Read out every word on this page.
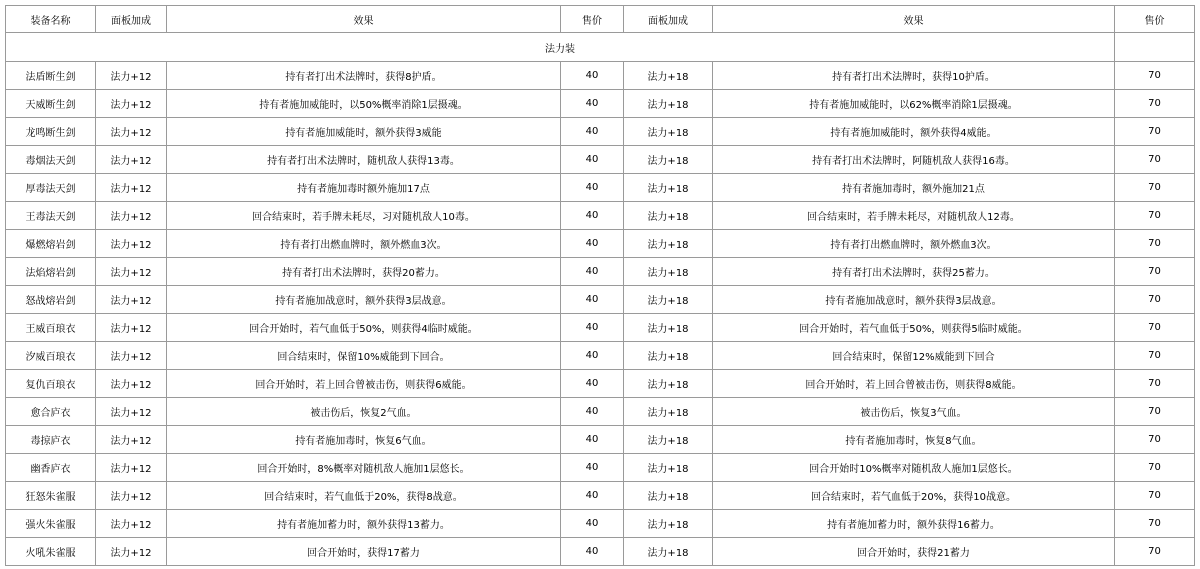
装备名称	面板加成	效果	售价	面板加成	效果	售价
法力装						
法盾断生剑	法力+12	持有者打出术法牌时，获得8护盾。	40	法力+18	持有者打出术法牌时，获得10护盾。	70
天威断生剑	法力+12	持有者施加威能时，以50%概率消除1层摄魂。	40	法力+18	持有者施加威能时，以62%概率消除1层摄魂。	70
龙鸣断生剑	法力+12	持有者施加威能时，额外获得3威能	40	法力+18	持有者施加威能时，额外获得4威能。	70
毒烟法天剑	法力+12	持有者打出术法牌时，随机敌人获得13毒。	40	法力+18	持有者打出术法牌时，阿随机敌人获得16毒。	70
厚毒法天剑	法力+12	持有者施加毒时额外施加17点	40	法力+18	持有者施加毒时，额外施加21点	70
王毒法天剑	法力+12	回合结束时，若手牌未耗尽，习对随机敌人10毒。	40	法力+18	回合结束时，若手牌未耗尽，对随机敌人12毒。	70
爆燃熔岩剑	法力+12	持有者打出燃血牌时，额外燃血3次。	40	法力+18	持有者打出燃血牌时，额外燃血3次。	70
法焰熔岩剑	法力+12	持有者打出术法牌时，获得20蓄力。	40	法力+18	持有者打出术法牌时，获得25蓄力。	70
怒战熔岩剑	法力+12	持有者施加战意时，额外获得3层战意。	40	法力+18	持有者施加战意时，额外获得3层战意。	70
王威百琅衣	法力+12	回合开始时，若气血低于50%，则获得4临时威能。	40	法力+18	回合开始时，若气血低于50%，则获得5临时威能。	70
汐威百琅衣	法力+12	回合结束时，保留10%威能到下回合。	40	法力+18	回合结束时，保留12%威能到下回合	70
复仇百琅衣	法力+12	回合开始时，若上回合曾被击伤，则获得6威能。	40	法力+18	回合开始时，若上回合曾被击伤，则获得8威能。	70
愈合庐衣	法力+12	被击伤后，恢复2气血。	40	法力+18	被击伤后，恢复3气血。	70
毒掠庐衣	法力+12	持有者施加毒时，恢复6气血。	40	法力+18	持有者施加毒时，恢复8气血。	70
幽香庐衣	法力+12	回合开始时，8%概率对随机敌人施加1层悠长。	40	法力+18	回合开始时10%概率对随机敌人施加1层悠长。	70
狂怒朱雀服	法力+12	回合结束时，若气血低于20%，获得8战意。	40	法力+18	回合结束时，若气血低于20%，获得10战意。	70
强火朱雀服	法力+12	持有者施加蓄力时，额外获得13蓄力。	40	法力+18	持有者施加蓄力时，额外获得16蓄力。	70
火吼朱雀服	法力+12	回合开始时，获得17蓄力	40	法力+18	回合开始时，获得21蓄力	70
